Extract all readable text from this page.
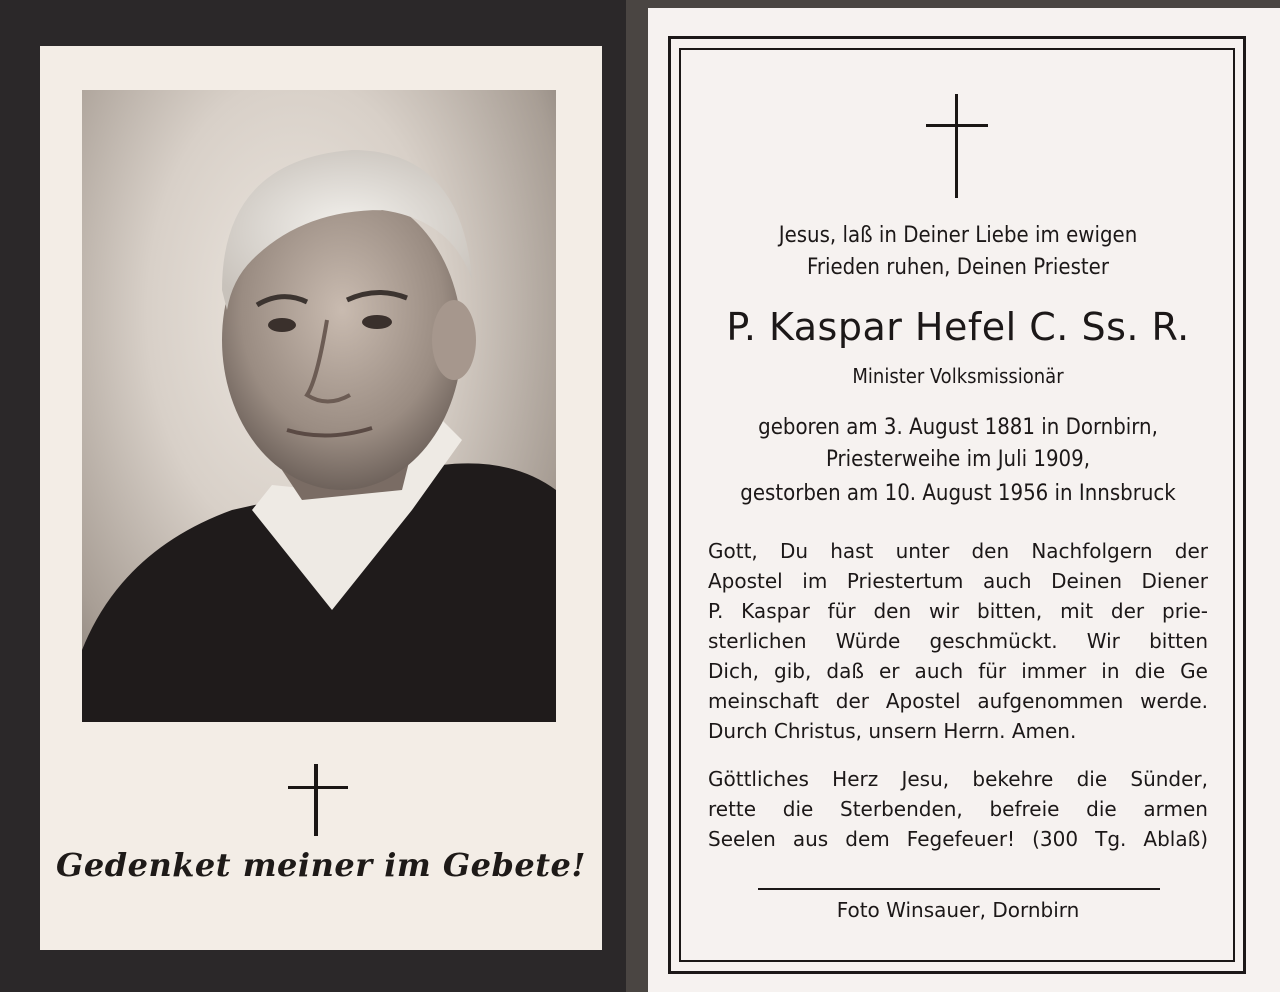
Gedenket meiner im Gebete!
Jesus, laß in Deiner Liebe im ewigen
Frieden ruhen, Deinen Priester
P. Kaspar Hefel C. Ss. R.
Minister Volksmissionär
geboren am 3. August 1881 in Dornbirn,
Priesterweihe im Juli 1909,
gestorben am 10. August 1956 in Innsbruck
Gott, Du hast unter den Nachfolgern der
Apostel im Priestertum auch Deinen Diener
P. Kaspar für den wir bitten, mit der prie-
sterlichen Würde geschmückt. Wir bitten
Dich, gib, daß er auch für immer in die Ge
meinschaft der Apostel aufgenommen werde.
Durch Christus, unsern Herrn. Amen.
Göttliches Herz Jesu, bekehre die Sünder,
rette die Sterbenden, befreie die armen
Seelen aus dem Fegefeuer! (300 Tg. Ablaß)
Foto Winsauer, Dornbirn
